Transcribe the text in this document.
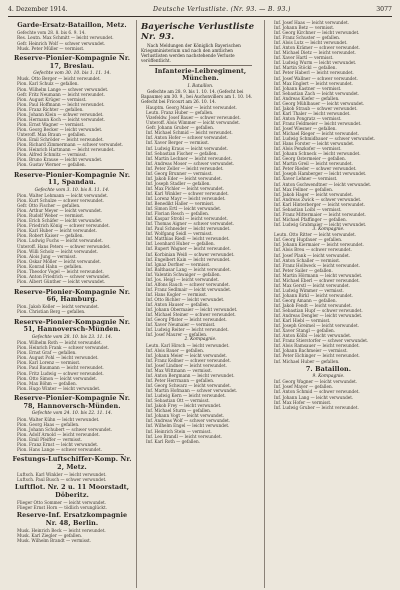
4. Dezember 1914.	Deutsche Verlustliste. (Nr. 93. — B. 93.)	3077
Garde-Ersatz-Bataillon, Metz.
Gefechte vom 28. 8. bis 6. 9. 14.
Res. Leutn. Max Schmitt — leicht verwundet.
Gefr. Heinrich Wolf — schwer verwundet.
Musk. Peter Müller — vermisst.
Reserve-Pionier-Kompagnie Nr. 17, Breslau.
Gefechte vom 30. 10. bis 1. 11. 14.
Musk. Otto Berger — leicht verwundet.
Pion. Karl Schulz — gefallen.
Pion. Wilhelm Lange — schwer verwundet.
Gefr. Fritz Neumann — leicht verwundet.
Pion. August Krüger — vermisst.
Pion. Paul Hoffmann — leicht verwundet.
Pion. Franz Richter — gefallen.
Pion. Johann Klein — schwer verwundet.
Pion. Hermann Koch — leicht verwundet.
Pion. Ernst Wagner — vermisst.
Pion. Georg Becker — leicht verwundet.
Unteroff. Max Braun — gefallen.
Pion. Emil Schröder — leicht verwundet.
Pion. Richard Zimmermann — schwer verwundet.
Pion. Heinrich Hartmann — leicht verwundet.
Pion. Alfred Schmitz — vermisst.
Pion. Bruno Krause — leicht verwundet.
Pion. Gustav Werner — gefallen.
Reserve-Pionier-Kompagnie Nr. 11, Spandau.
Gefechte vom 3. 10. bis 8. 11. 14.
Pion. Walter Lehmann — leicht verwundet.
Pion. Kurt Schulze — schwer verwundet.
Gefr. Otto Fischer — gefallen.
Pion. Arthur Meyer — leicht verwundet.
Pion. Rudolf Weber — vermisst.
Pion. Erich Schäfer — leicht verwundet.
Pion. Friedrich König — schwer verwundet.
Pion. Karl Huber — leicht verwundet.
Pion. Robert Kaiser — gefallen.
Pion. Ludwig Fuchs — leicht verwundet.
Unteroff. Hans Peters — schwer verwundet.
Pion. Willi Scholz — leicht verwundet.
Pion. Alois Jung — vermisst.
Pion. Oskar Möller — leicht verwundet.
Pion. Konrad Hahn — gefallen.
Pion. Theodor Vogel — leicht verwundet.
Pion. Anton Friedrich — schwer verwundet.
Pion. Albert Günther — leicht verwundet.
Reserve-Pionier-Kompagnie Nr. 66, Hamburg.
Pion. Jakob Keller — leicht verwundet.
Pion. Christian Berg — gefallen.
Reserve-Pionier-Kompagnie Nr. 51, Hannoversch-Münden.
Gefechte vom 28. 10. bis 23. 11. 14.
Pion. Wilhelm Roth — leicht verwundet.
Pion. Heinrich Frank — schwer verwundet.
Pion. Ernst Graf — gefallen.
Pion. August Pohl — leicht verwundet.
Pion. Karl Lorenz — vermisst.
Pion. Paul Baumann — leicht verwundet.
Pion. Fritz Ludwig — schwer verwundet.
Pion. Otto Simon — leicht verwundet.
Pion. Max Böhm — gefallen.
Pion. Hugo Winter — leicht verwundet.
Reserve-Pionier-Kompagnie Nr. 78, Hannoversch-Münden.
Gefechte vom 24. 10. bis 22. 11. 14.
Pion. Walter Kühn — leicht verwundet.
Pion. Georg Haas — gefallen.
Pion. Johann Schubert — schwer verwundet.
Pion. Adolf Arnold — leicht verwundet.
Pion. Emil Pfeiffer — vermisst.
Pion. Franz Ernst — leicht verwundet.
Pion. Hans Lange — schwer verwundet.
Festungs-Luftschiffer-Komp. Nr. 2, Metz.
Luftsch. Karl Winkler — leicht verwundet.
Luftsch. Paul Busch — schwer verwundet.
Luftflot. Nr. 2 u. 11 Moorstadt, Döberitz.
Flieger Otto Sommer — leicht verwundet.
Flieger Ernst Horn — tödlich verunglückt.
Reserve-Inf. Ersatzkompagnie Nr. 48, Berlin.
Musk. Heinrich Beck — leicht verwundet.
Musk. Karl Ziegler — gefallen.
Musk. Wilhelm Brandt — vermisst.
Bayerische Verlustliste Nr. 93.
Nach Meldungen der Königlich Bayerischen Kriegsministerium und nach den amtlichen Verlustlisten werden nachstehende Verluste veröffentlicht.
Infanterie-Leibregiment, München.
I. Bataillon.
Gefechte am 28. 9. bis 1. 10. 14. (Gefecht bei Bapaume) am 30. 9., bei Auchonvillers am 1. 10. 14. Gefecht bei Fricourt am 26. 10. 14.
Hauptm. Georg Maier — leicht verwundet.
Leutn. Franz Huber — gefallen.
Vizefeldw. Josef Bauer — schwer verwundet.
Unteroff. Alois Wimmer — leicht verwundet.
Gefr. Johann Gruber — gefallen.
Inf. Michael Schmid — leicht verwundet.
Inf. Anton Hofer — schwer verwundet.
Inf. Xaver Berger — vermisst.
Inf. Ludwig Kraus — leicht verwundet.
Inf. Sebastian Fischer — gefallen.
Inf. Martin Lechner — leicht verwundet.
Inf. Andreas Moser — schwer verwundet.
Inf. Peter Zeller — leicht verwundet.
Inf. Georg Brunner — vermisst.
Inf. Jakob Eder — leicht verwundet.
Inf. Joseph Stadler — gefallen.
Inf. Max Pichler — leicht verwundet.
Inf. Karl Winkler — schwer verwundet.
Inf. Lorenz Mayr — leicht verwundet.
Inf. Benedikt Haller — vermisst.
Inf. Simon Ertl — leicht verwundet.
Inf. Florian Resch — gefallen.
Inf. Kaspar Strobl — leicht verwundet.
Inf. Thomas Aigner — schwer verwundet.
Inf. Paul Schneider — leicht verwundet.
Inf. Wolfgang Seidl — vermisst.
Inf. Matthias Riedl — leicht verwundet.
Inf. Leonhard Huber — gefallen.
Inf. Rupert Wagner — leicht verwundet.
Inf. Korbinian Weiß — schwer verwundet.
Inf. Engelbert Kain — leicht verwundet.
Inf. Ignaz Dorfner — vermisst.
Inf. Balthasar Lang — leicht verwundet.
Inf. Valentin Schwaiger — gefallen.
Inf. Jos. Heigl — leicht verwundet.
Inf. Alfons Rauch — schwer verwundet.
Inf. Franz Sedlmair — leicht verwundet.
Inf. Hans Kogler — vermisst.
Inf. Otto Bichler — leicht verwundet.
Inf. Anton Hauser — gefallen.
Inf. Johann Obermaier — leicht verwundet.
Inf. Michael Steiner — schwer verwundet.
Inf. Georg Pfister — leicht verwundet.
Inf. Xaver Neumaier — vermisst.
Inf. Ludwig Reiter — leicht verwundet.
Inf. Josef Maurer — gefallen.
2. Kompagnie.
Leutn. Karl Hirsch — leicht verwundet.
Inf. Alois Bauer — gefallen.
Inf. Johann Meier — leicht verwundet.
Inf. Franz Kellner — schwer verwundet.
Inf. Josef Lindner — leicht verwundet.
Inf. Max Wittmann — vermisst.
Inf. Anton Bergmann — leicht verwundet.
Inf. Peter Herrmann — gefallen.
Inf. Georg Schwarz — leicht verwundet.
Inf. Martin Hofmann — schwer verwundet.
Inf. Ludwig Kern — leicht verwundet.
Inf. Sebastian Ott — vermisst.
Inf. Jakob Frey — leicht verwundet.
Inf. Michael Sturm — gefallen.
Inf. Johann Vogt — leicht verwundet.
Inf. Andreas Wolf — schwer verwundet.
Inf. Wilhelm Engel — leicht verwundet.
Inf. Heinrich Stein — vermisst.
Inf. Leo Brandl — leicht verwundet.
Inf. Karl Roth — gefallen.
Inf. Josef Haas — leicht verwundet.
Inf. Johann Betz — vermisst.
Inf. Georg Kirchner — leicht verwundet.
Inf. Franz Schuster — gefallen.
Inf. Alois Lutz — leicht verwundet.
Inf. Anton Krämer — schwer verwundet.
Inf. Michael Dietz — leicht verwundet.
Inf. Xaver Hartl — vermisst.
Inf. Ludwig Wurm — leicht verwundet.
Inf. Martin Stöckl — gefallen.
Inf. Peter Haberl — leicht verwundet.
Inf. Josef Wallner — schwer verwundet.
Inf. Max Englert — leicht verwundet.
Inf. Johann Kastner — vermisst.
Inf. Sebastian Zach — leicht verwundet.
Inf. Andreas Kiefer — gefallen.
Inf. Georg Mühlbauer — leicht verwundet.
Inf. Jakob Straub — schwer verwundet.
Inf. Karl Thaler — leicht verwundet.
Inf. Anton Pongratz — vermisst.
Inf. Franz Feldmeier — leicht verwundet.
Inf. Josef Wiesner — gefallen.
Inf. Michael Rieger — leicht verwundet.
Inf. Ludwig Schmidbauer — schwer verwundet.
Inf. Hans Forster — leicht verwundet.
Inf. Alois Penzkofer — vermisst.
Inf. Johann Schneck — leicht verwundet.
Inf. Georg Ostermeier — gefallen.
Inf. Martin Greil — leicht verwundet.
Inf. Peter Rieder — schwer verwundet.
Inf. Joseph Hamberger — leicht verwundet.
Inf. Xaver Lehner — vermisst.
Inf. Anton Gschwendtner — leicht verwundet.
Inf. Max Fellner — gefallen.
Inf. Jakob Hager — leicht verwundet.
Inf. Andreas Zwick — schwer verwundet.
Inf. Karl Hinterberger — leicht verwundet.
Inf. Sebastian Loibl — vermisst.
Inf. Franz Mittermaier — leicht verwundet.
Inf. Michael Pfaffinger — gefallen.
Inf. Ludwig Grabmaier — leicht verwundet.
3. Kompagnie.
Leutn. Otto Ritter — leicht verwundet.
Inf. Georg Hupfauer — gefallen.
Inf. Johann Kiermaier — leicht verwundet.
Inf. Alois Breu — schwer verwundet.
Inf. Josef Plank — leicht verwundet.
Inf. Anton Schaller — vermisst.
Inf. Franz Hollweck — leicht verwundet.
Inf. Peter Sailer — gefallen.
Inf. Martin Hörmann — leicht verwundet.
Inf. Michael Eberl — schwer verwundet.
Inf. Max Gerstl — leicht verwundet.
Inf. Ludwig Wimmer — vermisst.
Inf. Johann Birkl — leicht verwundet.
Inf. Georg Amann — gefallen.
Inf. Jakob Fendt — leicht verwundet.
Inf. Sebastian Hupf — schwer verwundet.
Inf. Andreas Dengler — leicht verwundet.
Inf. Karl Hiebl — vermisst.
Inf. Joseph Greimel — leicht verwundet.
Inf. Xaver Stangl — gefallen.
Inf. Anton Kölbl — leicht verwundet.
Inf. Franz Stierstorfer — schwer verwundet.
Inf. Alois Ramsauer — leicht verwundet.
Inf. Johann Bachmeier — vermisst.
Inf. Peter Eichinger — leicht verwundet.
Inf. Michael Huber — gefallen.
7. Bataillon.
9. Kompagnie.
Inf. Georg Wagner — leicht verwundet.
Inf. Josef Mayer — gefallen.
Inf. Anton Schmid — schwer verwundet.
Inf. Johann Lang — leicht verwundet.
Inf. Max Hofer — vermisst.
Inf. Ludwig Gruber — leicht verwundet.
